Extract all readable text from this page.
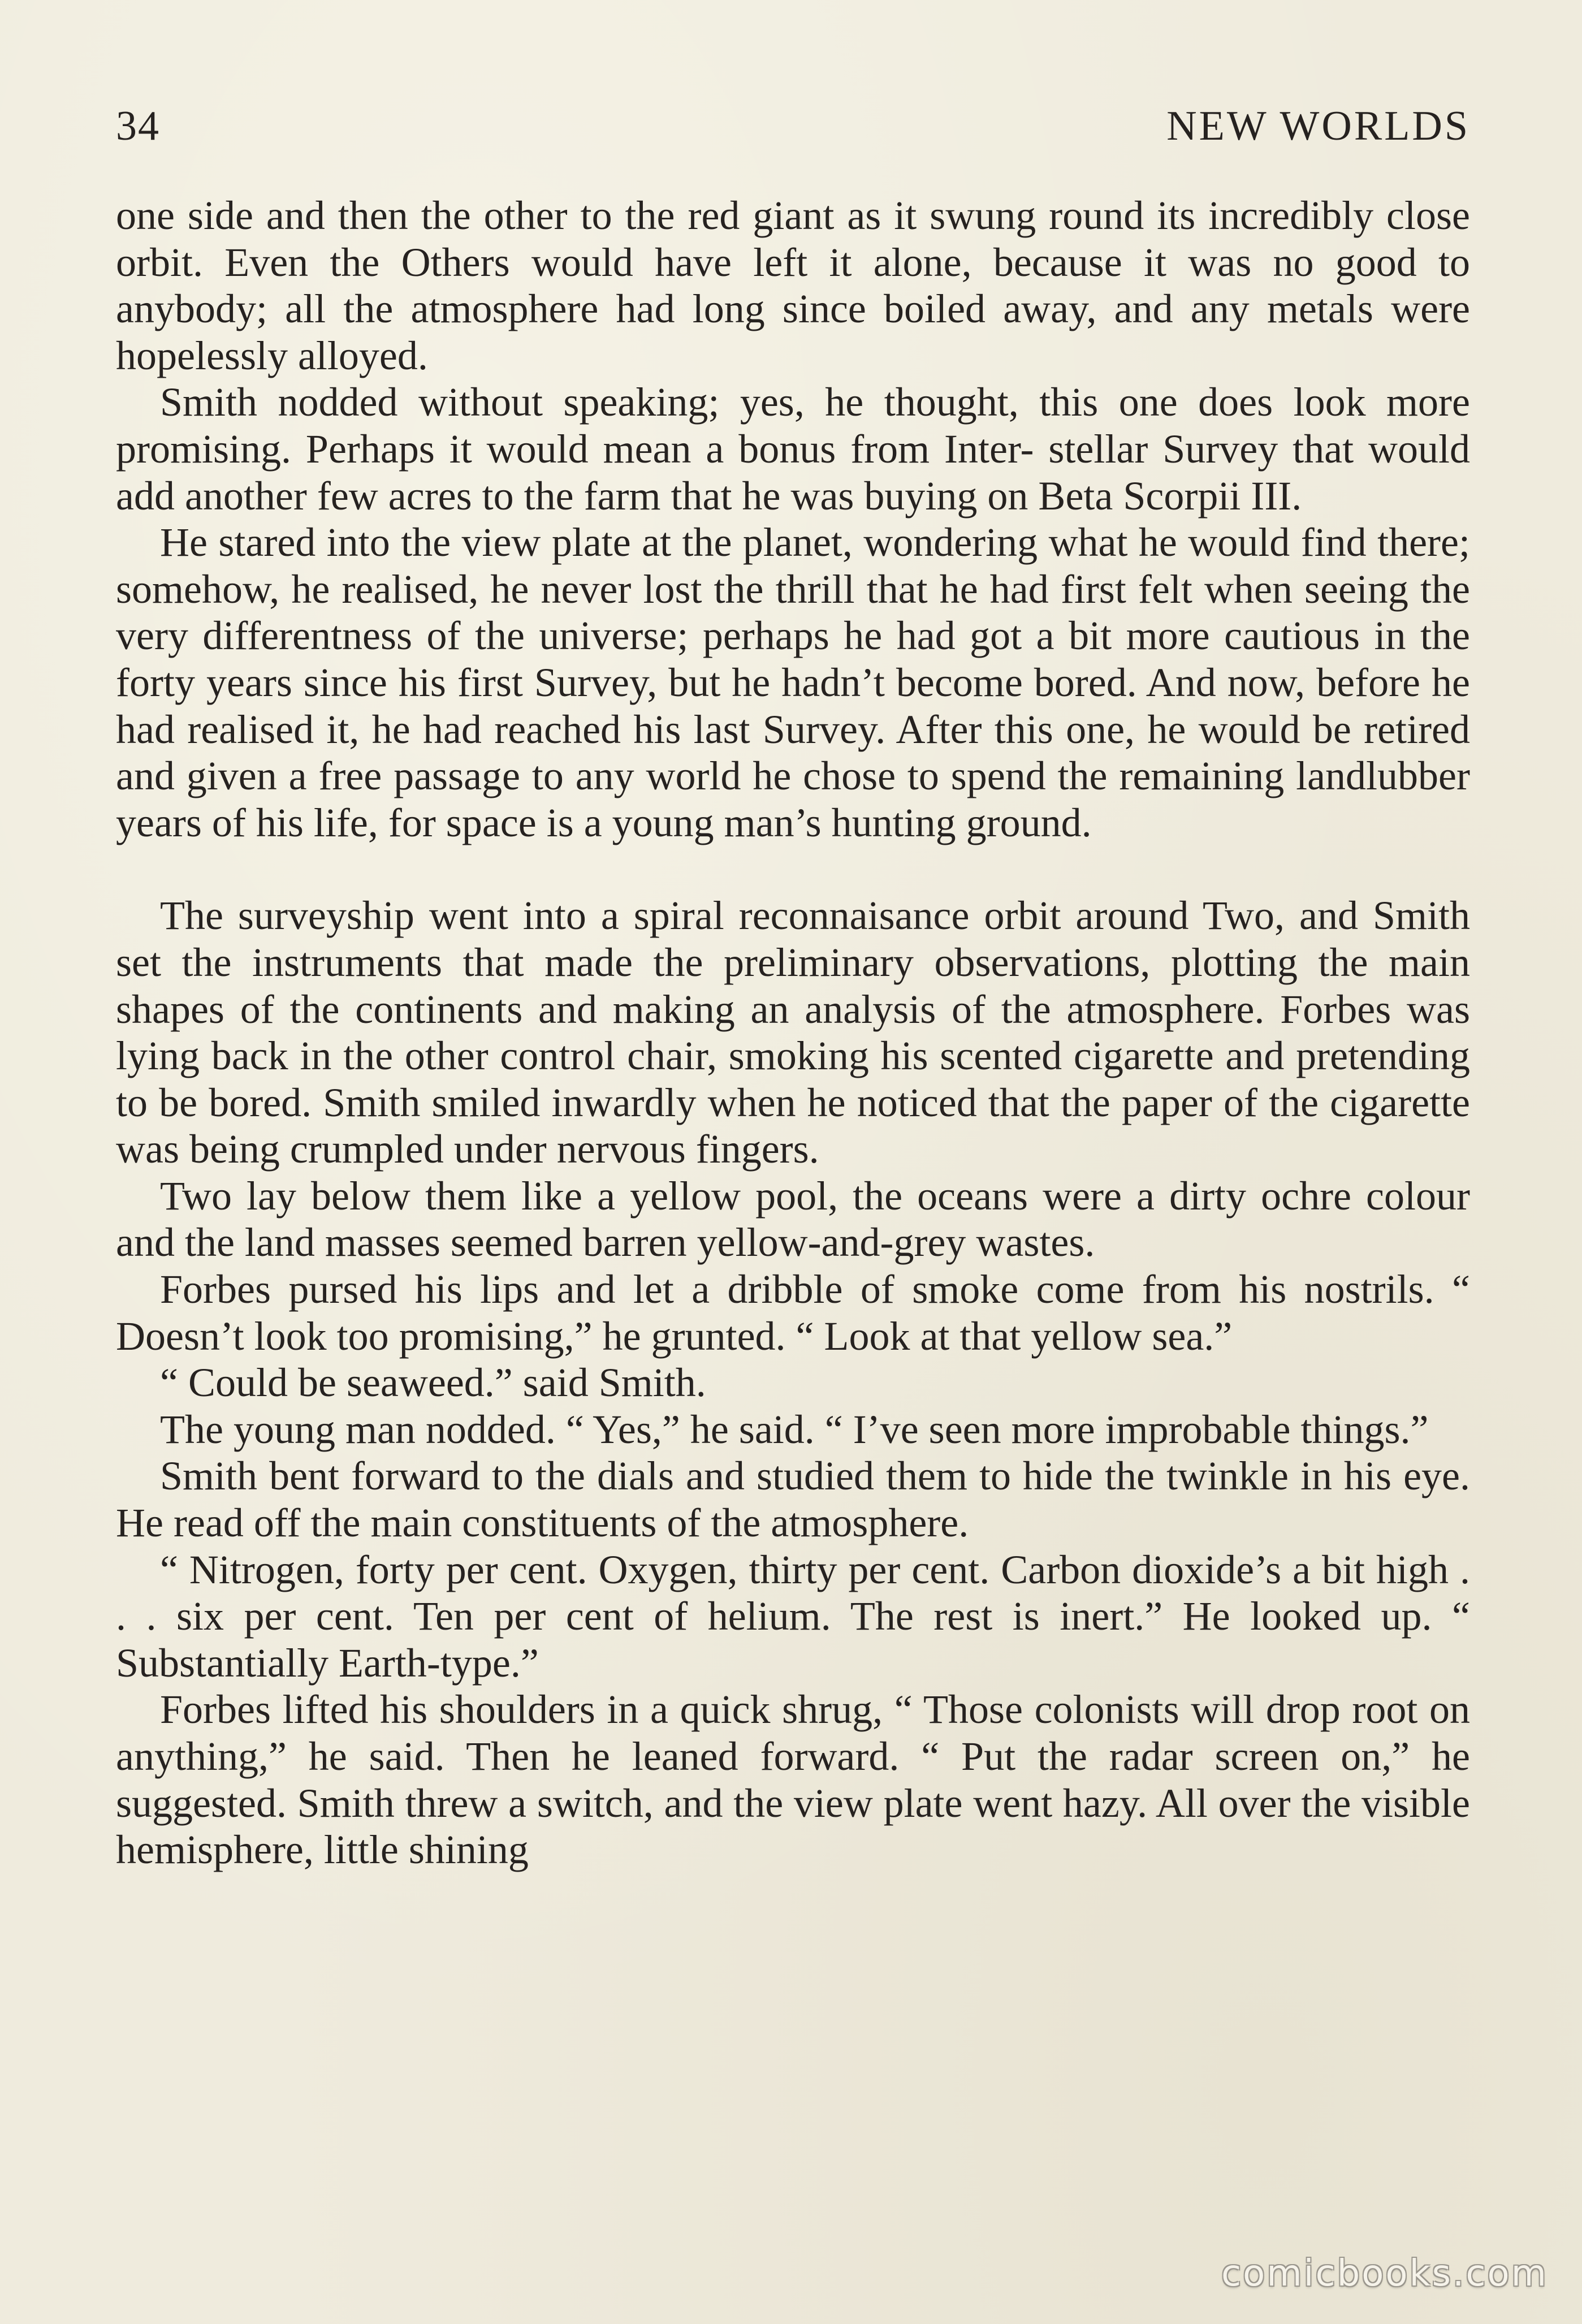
34	NEW WORLDS

one side and then the other to the red giant as it swung round its incredibly close orbit. Even the Others would have left it alone, because it was no good to anybody; all the atmosphere had long since boiled away, and any metals were hopelessly alloyed.

Smith nodded without speaking; yes, he thought, this one does look more promising. Perhaps it would mean a bonus from Inter- stellar Survey that would add another few acres to the farm that he was buying on Beta Scorpii III.

He stared into the view plate at the planet, wondering what he would find there; somehow, he realised, he never lost the thrill that he had first felt when seeing the very differentness of the universe; perhaps he had got a bit more cautious in the forty years since his first Survey, but he hadn’t become bored. And now, before he had realised it, he had reached his last Survey. After this one, he would be retired and given a free passage to any world he chose to spend the remaining landlubber years of his life, for space is a young man’s hunting ground.

The surveyship went into a spiral reconnaisance orbit around Two, and Smith set the instruments that made the preliminary observations, plotting the main shapes of the continents and making an analysis of the atmosphere. Forbes was lying back in the other control chair, smoking his scented cigarette and pretending to be bored. Smith smiled inwardly when he noticed that the paper of the cigarette was being crumpled under nervous fingers.

Two lay below them like a yellow pool, the oceans were a dirty ochre colour and the land masses seemed barren yellow-and-grey wastes.

Forbes pursed his lips and let a dribble of smoke come from his nostrils. “ Doesn’t look too promising,” he grunted. “ Look at that yellow sea.”

“ Could be seaweed.” said Smith.

The young man nodded. “ Yes,” he said. “ I’ve seen more improbable things.”

Smith bent forward to the dials and studied them to hide the twinkle in his eye. He read off the main constituents of the atmosphere.

“ Nitrogen, forty per cent. Oxygen, thirty per cent. Carbon dioxide’s a bit high . . . six per cent. Ten per cent of helium. The rest is inert.” He looked up. “ Substantially Earth-type.”

Forbes lifted his shoulders in a quick shrug, “ Those colonists will drop root on anything,” he said. Then he leaned forward. “ Put the radar screen on,” he suggested. Smith threw a switch, and the view plate went hazy. All over the visible hemisphere, little shining

comicbooks.com
